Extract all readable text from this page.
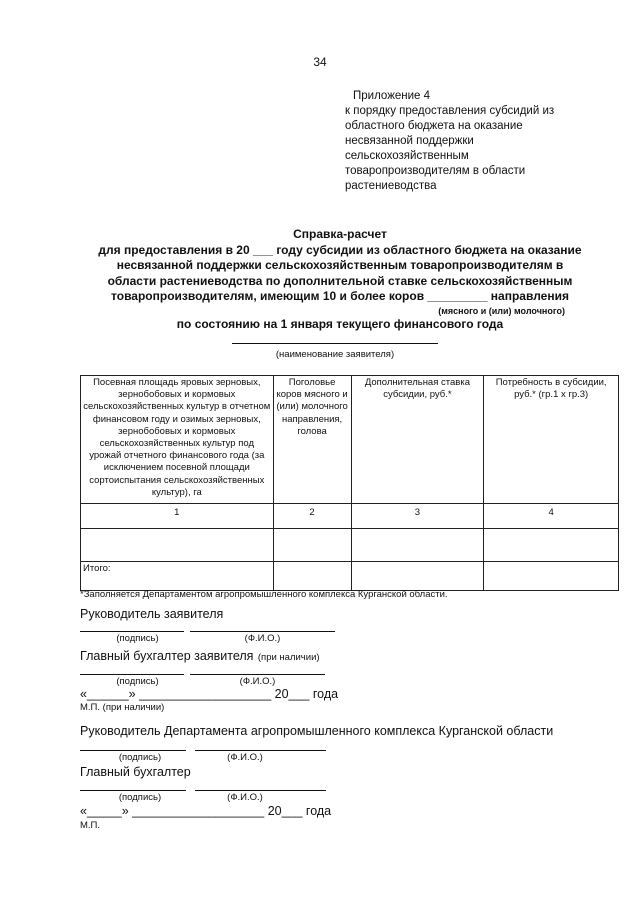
34
Приложение 4
к порядку предоставления субсидий из
областного бюджета на оказание
несвязанной поддержки
сельскохозяйственным
товаропроизводителям в области
растениеводства
Справка-расчет
для предоставления в 20 ___ году субсидии из областного бюджета на оказание
несвязанной поддержки сельскохозяйственным товаропроизводителям в
области растениеводства по дополнительной ставке сельскохозяйственным
товаропроизводителям, имеющим 10 и более коров _________ направления
(мясного и (или) молочного)
по состоянию на 1 января текущего финансового года
(наименование заявителя)
Посевная площадь яровых зерновых, зернобобовых и кормовых сельскохозяйственных культур в отчетном финансовом году и озимых зерновых, зернобобовых и кормовых сельскохозяйственных культур под урожай отчетного финансового года (за исключением посевной площади сортоиспытания сельскохозяйственных культур), га	Поголовье коров мясного и (или) молочного направления, голова	Дополнительная ставка субсидии, руб.*	Потребность в субсидии, руб.* (гр.1 х гр.3)
1	2	3	4

Итого:			
*Заполняется Департаментом агропромышленного комплекса Курганской области.
Руководитель заявителя
(подпись)	(Ф.И.О.)
Главный бухгалтер заявителя (при наличии)
(подпись)	(Ф.И.О.)
«______» ___________________ 20___ года
М.П. (при наличии)
Руководитель Департамента агропромышленного комплекса Курганской области
(подпись)	(Ф.И.О.)
Главный бухгалтер
(подпись)	(Ф.И.О.)
«_____» ___________________ 20___ года
М.П.
